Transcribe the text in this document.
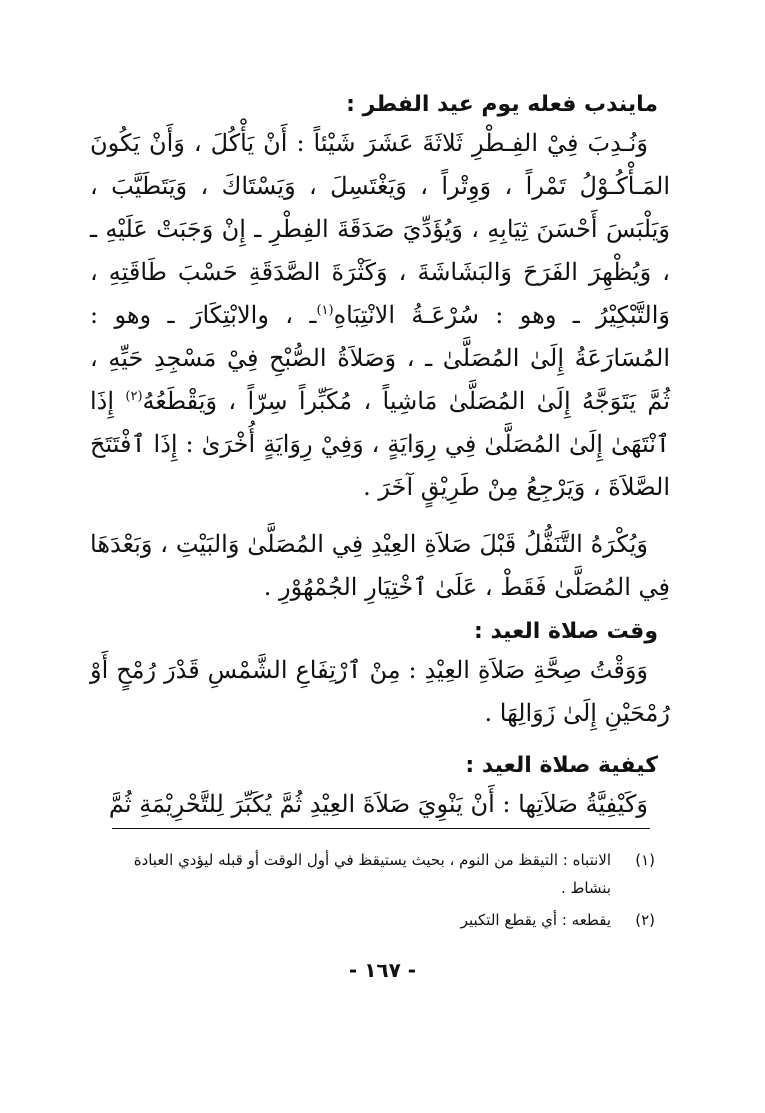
مايندب فعله يوم عيد الفطر :

وَنُـدِبَ فِيْ الفِـطْرِ ثَلاثَةَ عَشَرَ شَيْئاً : أَنْ يَأْكُلَ ، وَأَنْ يَكُونَ المَـأْكُـوْلُ تَمْراً ، وَوِتْراً ، وَيَغْتَسِلَ ، وَيَسْتَاكَ ، وَيَتَطَيَّبَ ، وَيَلْبَسَ أَحْسَنَ ثِيَابِهِ ، وَيُؤَدِّيَ صَدَقَةَ الفِطْرِ ـ إِنْ وَجَبَتْ عَلَيْهِ ـ ، وَيُظْهِرَ الفَرَحَ وَالبَشَاشَةَ ، وَكَثْرَةَ الصَّدَقَةِ حَسْبَ طَاقَتِهِ ، وَالتَّبْكِيْرُ ـ وهو : سُرْعَـةُ الانْتِبَاهِ$^{(١)}$ـ ، والابْتِكَارَ ـ وهو : المُسَارَعَةُ إِلَىٰ المُصَلَّىٰ ـ ، وَصَلاَةُ الصُّبْحِ فِيْ مَسْجِدِ حَيِّهِ ، ثُمَّ يَتَوَجَّهُ إِلَىٰ المُصَلَّىٰ مَاشِياً ، مُكَبِّراً سِرّاً ، وَيَقْطَعُهُ$^{(٢)}$ إِذَا ٱنْتَهَىٰ إِلَىٰ المُصَلَّىٰ فِي رِوَايَةٍ ، وَفِيْ رِوَايَةٍ أُخْرَىٰ : إِذَا ٱفْتَتَحَ الصَّلاَةَ ، وَيَرْجِعُ مِنْ طَرِيْقٍ آخَرَ .

وَيُكْرَهُ التَّنَفُّلُ قَبْلَ صَلاَةِ العِيْدِ فِي المُصَلَّىٰ وَالبَيْتِ ، وَبَعْدَهَا فِي المُصَلَّىٰ فَقَطْ ، عَلَىٰ ٱخْتِيَارِ الجُمْهُوْرِ .

وقت صلاة العيد :

وَوَقْتُ صِحَّةِ صَلاَةِ العِيْدِ : مِنْ ٱرْتِفَاعِ الشَّمْسِ قَدْرَ رُمْحٍ أَوْ رُمْحَيْنِ إِلَىٰ زَوَالِهَا .

كيفية صلاة العيد :

وَكَيْفِيَّةُ صَلاَتِها : أَنْ يَنْوِيَ صَلاَةَ العِيْدِ ثُمَّ يُكَبِّرَ لِلتَّحْرِيْمَةِ ثُمَّ

(١)
الانتباه : التيقظ من النوم ، بحيث يستيقظ في أول الوقت أو قبله ليؤدي العبادة بنشاط .
(٢)
يقطعه : أي يقطع التكبير
- ١٦٧ -
